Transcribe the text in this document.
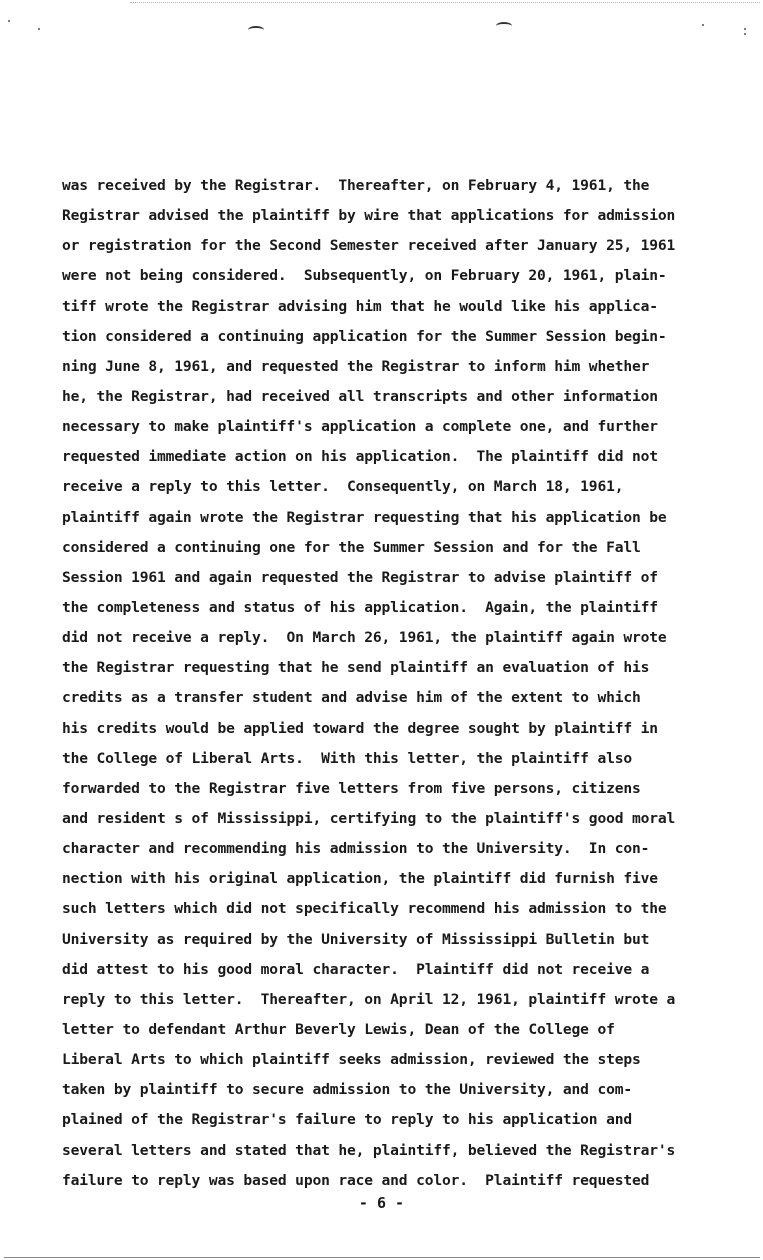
was received by the Registrar.  Thereafter, on February 4, 1961, the
Registrar advised the plaintiff by wire that applications for admission
or registration for the Second Semester received after January 25, 1961
were not being considered.  Subsequently, on February 20, 1961, plain-
tiff wrote the Registrar advising him that he would like his applica-
tion considered a continuing application for the Summer Session begin-
ning June 8, 1961, and requested the Registrar to inform him whether
he, the Registrar, had received all transcripts and other information
necessary to make plaintiff's application a complete one, and further
requested immediate action on his application.  The plaintiff did not
receive a reply to this letter.  Consequently, on March 18, 1961,
plaintiff again wrote the Registrar requesting that his application be
considered a continuing one for the Summer Session and for the Fall
Session 1961 and again requested the Registrar to advise plaintiff of
the completeness and status of his application.  Again, the plaintiff
did not receive a reply.  On March 26, 1961, the plaintiff again wrote
the Registrar requesting that he send plaintiff an evaluation of his
credits as a transfer student and advise him of the extent to which
his credits would be applied toward the degree sought by plaintiff in
the College of Liberal Arts.  With this letter, the plaintiff also
forwarded to the Registrar five letters from five persons, citizens
and resident s of Mississippi, certifying to the plaintiff's good moral
character and recommending his admission to the University.  In con-
nection with his original application, the plaintiff did furnish five
such letters which did not specifically recommend his admission to the
University as required by the University of Mississippi Bulletin but
did attest to his good moral character.  Plaintiff did not receive a
reply to this letter.  Thereafter, on April 12, 1961, plaintiff wrote a
letter to defendant Arthur Beverly Lewis, Dean of the College of
Liberal Arts to which plaintiff seeks admission, reviewed the steps
taken by plaintiff to secure admission to the University, and com-
plained of the Registrar's failure to reply to his application and
several letters and stated that he, plaintiff, believed the Registrar's
failure to reply was based upon race and color.  Plaintiff requested
- 6 -
